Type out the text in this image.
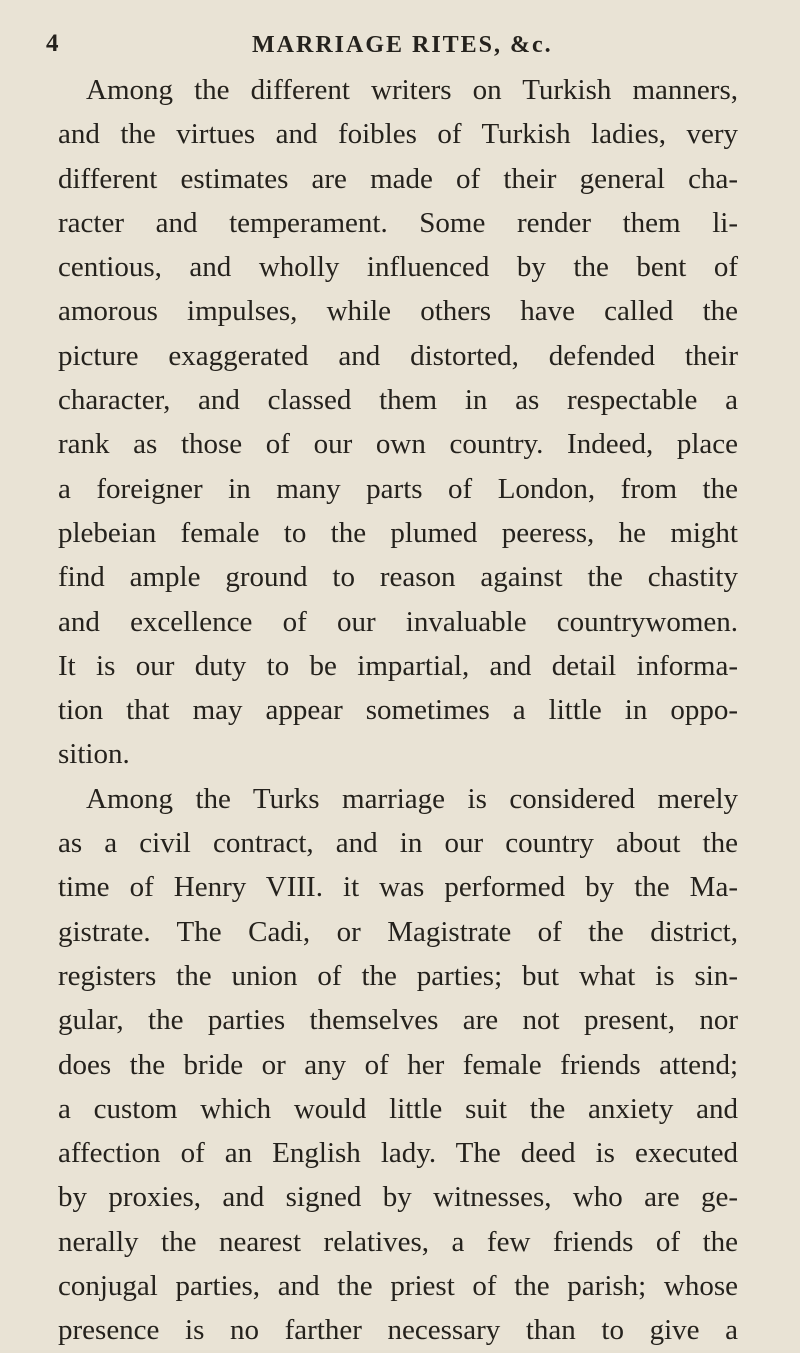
4	MARRIAGE RITES, &c.
Among the different writers on Turkish manners,
and the virtues and foibles of Turkish ladies, very
different estimates are made of their general cha-
racter and temperament. Some render them li-
centious, and wholly influenced by the bent of
amorous impulses, while others have called the
picture exaggerated and distorted, defended their
character, and classed them in as respectable a
rank as those of our own country. Indeed, place
a foreigner in many parts of London, from the
plebeian female to the plumed peeress, he might
find ample ground to reason against the chastity
and excellence of our invaluable countrywomen.
It is our duty to be impartial, and detail informa-
tion that may appear sometimes a little in oppo-
sition.
Among the Turks marriage is considered merely
as a civil contract, and in our country about the
time of Henry VIII. it was performed by the Ma-
gistrate. The Cadi, or Magistrate of the district,
registers the union of the parties; but what is sin-
gular, the parties themselves are not present, nor
does the bride or any of her female friends attend;
a custom which would little suit the anxiety and
affection of an English lady. The deed is executed
by proxies, and signed by witnesses, who are ge-
nerally the nearest relatives, a few friends of the
conjugal parties, and the priest of the parish; whose
presence is no farther necessary than to give a
